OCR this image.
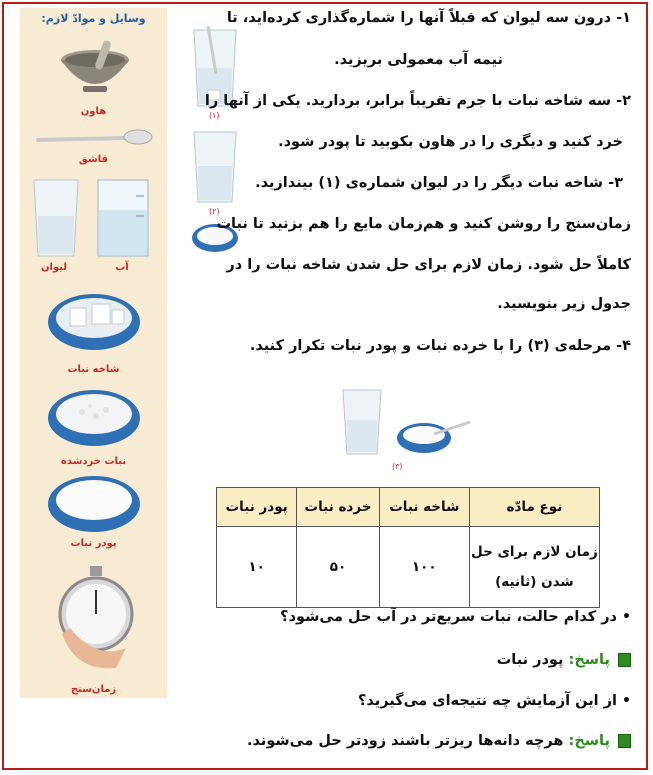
وسایل و موادّ لازم:
هاون
قاشق
لیوان	آب
شاخه نبات
نبات خردشده
پودر نبات
زمان‌سنج
(۱)
(۲)
(۳)
۱- درون سه لیوان که قبلاً آنها را شماره‌گذاری کرده‌اید، تا
نیمه آب معمولی بریزید.
۲- سه شاخه نبات با جرم تقریباً برابر، بردارید. یکی از آنها را
خرد کنید و دیگری را در هاون بکوبید تا پودر شود.
۳- شاخه نبات دیگر را در لیوان شماره‌ی (۱) بیندازید.
زمان‌سنج را روشن کنید و هم‌زمان مایع را هم بزنید تا نبات
کاملاً حل شود. زمان لازم برای حل شدن شاخه نبات را در
جدول زیر بنویسید.
۴- مرحله‌ی (۳) را با خرده نبات و پودر نبات تکرار کنید.
نوع مادّه	شاخه نبات	خرده نبات	پودر نبات

زمان لازم برای حل
شدن (ثانیه)	۱۰۰	۵۰	۱۰
• در کدام حالت، نبات سریع‌تر در آب حل می‌شود؟
پاسخ: پودر نبات
• از این آزمایش چه نتیجه‌ای می‌گیرید؟
پاسخ: هرچه دانه‌ها ریزتر باشند زودتر حل می‌شوند.
